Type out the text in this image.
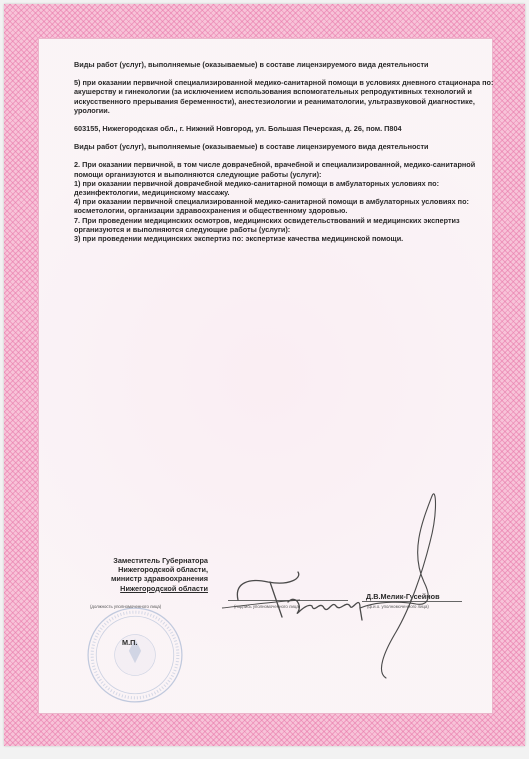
Виды работ (услуг), выполняемые (оказываемые) в составе лицензируемого вида деятельности

5) при оказании первичной специализированной медико-санитарной помощи в условиях дневного стационара по: акушерству и гинекологии (за исключением использования вспомогательных репродуктивных технологий и искусственного прерывания беременности), анестезиологии и реаниматологии, ультразвуковой диагностике, урологии.

603155, Нижегородская обл., г. Нижний Новгород, ул. Большая Печерская, д. 26, пом. П804

Виды работ (услуг), выполняемые (оказываемые) в составе лицензируемого вида деятельности

2. При оказании первичной, в том числе доврачебной, врачебной и специализированной, медико-санитарной помощи организуются и выполняются следующие работы (услуги):
1) при оказании первичной доврачебной медико-санитарной помощи в амбулаторных условиях по: дезинфектологии, медицинскому массажу.
4) при оказании первичной специализированной медико-санитарной помощи в амбулаторных условиях по: косметологии, организации здравоохранения и общественному здоровью.
7. При проведении медицинских осмотров, медицинских освидетельствований и медицинских экспертиз организуются и выполняются следующие работы (услуги):
3) при проведении медицинских экспертиз по: экспертизе качества медицинской помощи.
Заместитель Губернатора
Нижегородской области,
министр здравоохранения
Нижегородской области
(должность уполномоченного лица)	(подпись уполномоченного лица)
Д.В.Мелик-Гусейнов
(ф.и.о. уполномоченного лица)
М.П.
